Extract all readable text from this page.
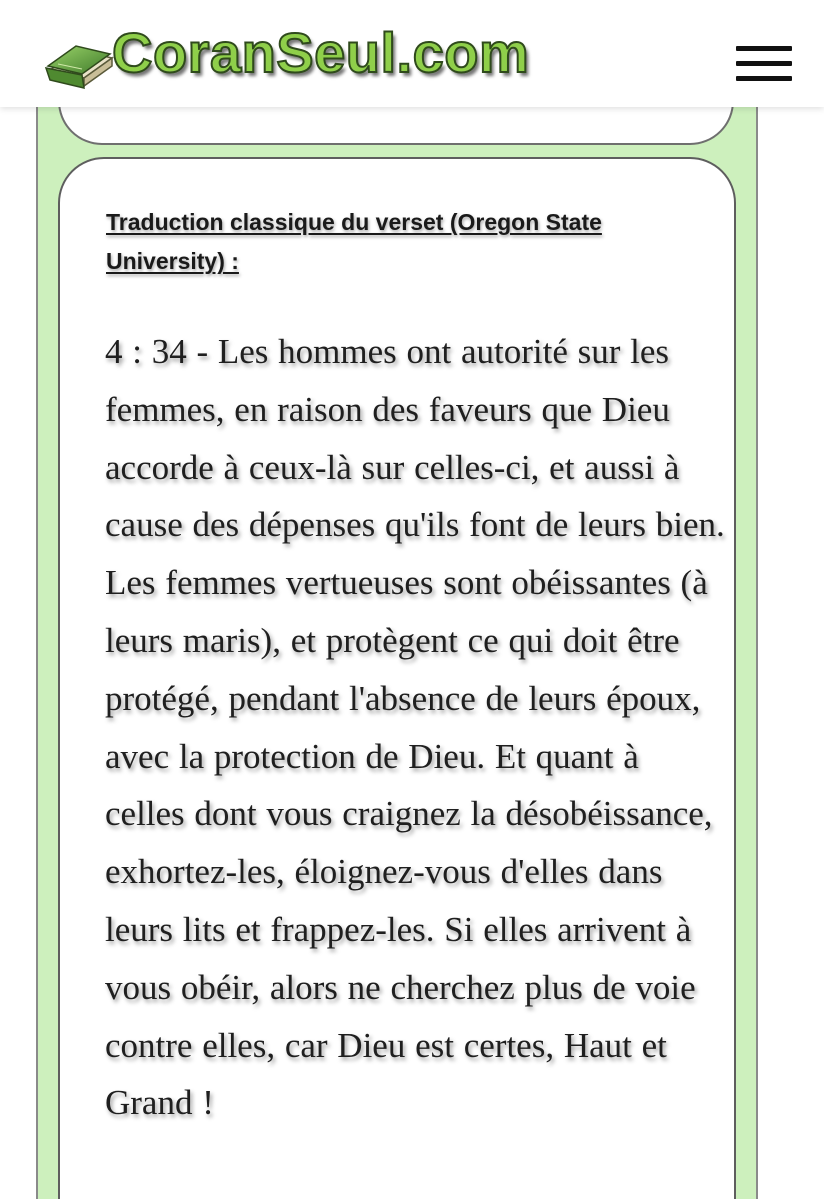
Traduction classique du verset (Oregon State University) :

4 : 34 - Les hommes ont autorité sur les femmes, en raison des faveurs que Dieu accorde à ceux-là sur celles-ci, et aussi à cause des dépenses qu'ils font de leurs bien. Les femmes vertueuses sont obéissantes (à leurs maris), et protègent ce qui doit être protégé, pendant l'absence de leurs époux, avec la protection de Dieu. Et quant à celles dont vous craignez la désobéissance, exhortez-les, éloignez-vous d'elles dans leurs lits et frappez-les. Si elles arrivent à vous obéir, alors ne cherchez plus de voie contre elles, car Dieu est certes, Haut et Grand !

CoranSeul.com
